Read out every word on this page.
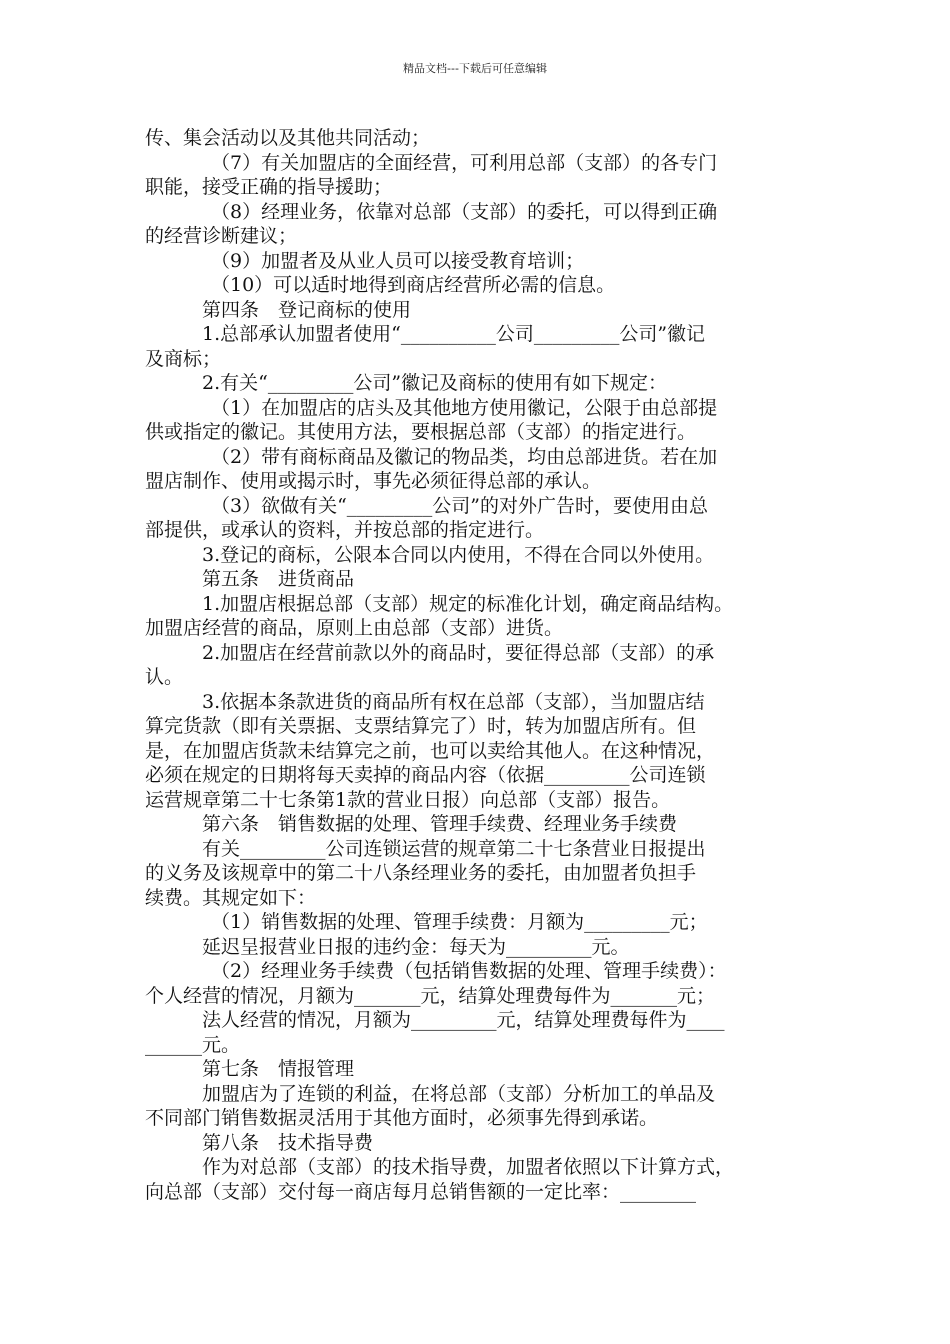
精品文档---下载后可任意编辑
传、集会活动以及其他共同活动；
（7）有关加盟店的全面经营，可利用总部（支部）的各专门
职能，接受正确的指导援助；
（8）经理业务，依靠对总部（支部）的委托，可以得到正确
的经营诊断建议；
（9）加盟者及从业人员可以接受教育培训；
（10）可以适时地得到商店经营所必需的信息。
第四条　登记商标的使用
1.总部承认加盟者使用“__________公司_________公司”徽记
及商标；
2.有关“_________公司”徽记及商标的使用有如下规定：
（1）在加盟店的店头及其他地方使用徽记，公限于由总部提
供或指定的徽记。其使用方法，要根据总部（支部）的指定进行。
（2）带有商标商品及徽记的物品类，均由总部进货。若在加
盟店制作、使用或揭示时，事先必须征得总部的承认。
（3）欲做有关“_________公司”的对外广告时，要使用由总
部提供，或承认的资料，并按总部的指定进行。
3.登记的商标，公限本合同以内使用，不得在合同以外使用。
第五条　进货商品
1.加盟店根据总部（支部）规定的标准化计划，确定商品结构。
加盟店经营的商品，原则上由总部（支部）进货。
2.加盟店在经营前款以外的商品时，要征得总部（支部）的承
认。
3.依据本条款进货的商品所有权在总部（支部），当加盟店结
算完货款（即有关票据、支票结算完了）时，转为加盟店所有。但
是，在加盟店货款未结算完之前，也可以卖给其他人。在这种情况，
必须在规定的日期将每天卖掉的商品内容（依据_________公司连锁
运营规章第二十七条第1款的营业日报）向总部（支部）报告。
第六条　销售数据的处理、管理手续费、经理业务手续费
有关_________公司连锁运营的规章第二十七条营业日报提出
的义务及该规章中的第二十八条经理业务的委托，由加盟者负担手
续费。其规定如下：
（1）销售数据的处理、管理手续费：月额为_________元；
延迟呈报营业日报的违约金：每天为_________元。
（2）经理业务手续费（包括销售数据的处理、管理手续费）：
个人经营的情况，月额为_______元，结算处理费每件为_______元；
法人经营的情况，月额为_________元，结算处理费每件为____
______元。
第七条　情报管理
加盟店为了连锁的利益，在将总部（支部）分析加工的单品及
不同部门销售数据灵活用于其他方面时，必须事先得到承诺。
第八条　技术指导费
作为对总部（支部）的技术指导费，加盟者依照以下计算方式，
向总部（支部）交付每一商店每月总销售额的一定比率：________
